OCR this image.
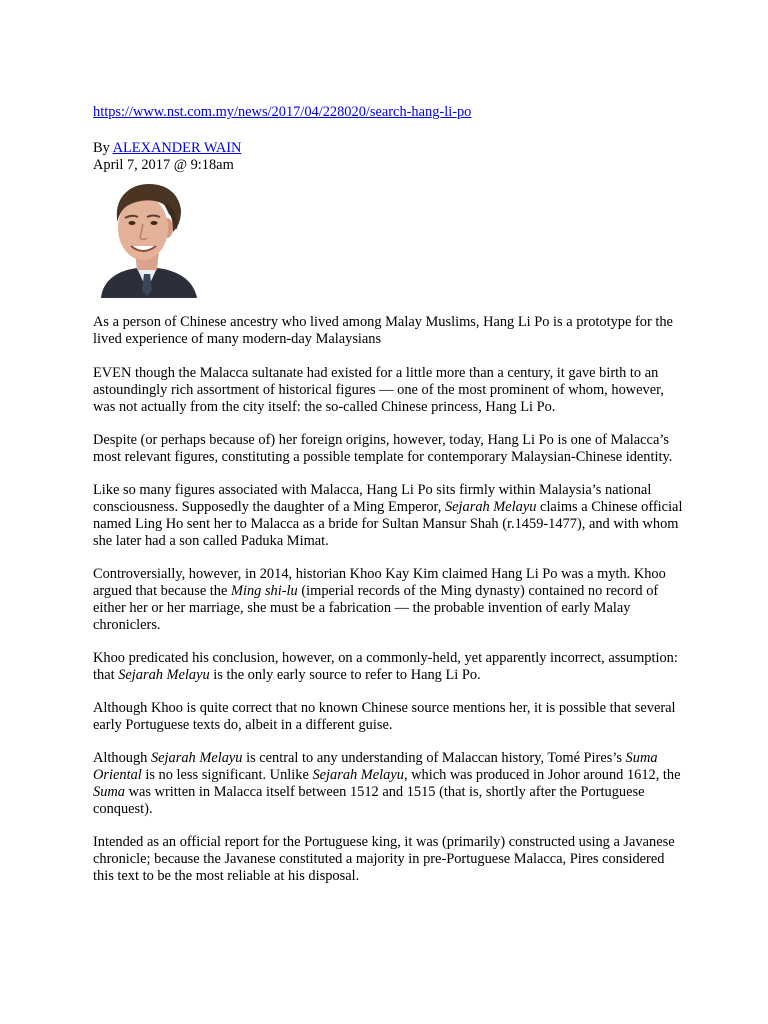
https://www.nst.com.my/news/2017/04/228020/search-hang-li-po
By ALEXANDER WAIN
April 7, 2017 @ 9:18am

As a person of Chinese ancestry who lived among Malay Muslims, Hang Li Po is a prototype for the lived experience of many modern-day Malaysians

EVEN though the Malacca sultanate had existed for a little more than a century, it gave birth to an astoundingly rich assortment of historical figures — one of the most prominent of whom, however, was not actually from the city itself: the so-called Chinese princess, Hang Li Po.

Despite (or perhaps because of) her foreign origins, however, today, Hang Li Po is one of Malacca’s most relevant figures, constituting a possible template for contemporary Malaysian-Chinese identity.

Like so many figures associated with Malacca, Hang Li Po sits firmly within Malaysia’s national consciousness. Supposedly the daughter of a Ming Emperor, Sejarah Melayu claims a Chinese official named Ling Ho sent her to Malacca as a bride for Sultan Mansur Shah (r.1459-1477), and with whom she later had a son called Paduka Mimat.

Controversially, however, in 2014, historian Khoo Kay Kim claimed Hang Li Po was a myth. Khoo argued that because the Ming shi-lu (imperial records of the Ming dynasty) contained no record of either her or her marriage, she must be a fabrication — the probable invention of early Malay chroniclers.

Khoo predicated his conclusion, however, on a commonly-held, yet apparently incorrect, assumption: that Sejarah Melayu is the only early source to refer to Hang Li Po.

Although Khoo is quite correct that no known Chinese source mentions her, it is possible that several early Portuguese texts do, albeit in a different guise.

Although Sejarah Melayu is central to any understanding of Malaccan history, Tomé Pires’s Suma Oriental is no less significant. Unlike Sejarah Melayu, which was produced in Johor around 1612, the Suma was written in Malacca itself between 1512 and 1515 (that is, shortly after the Portuguese conquest).

Intended as an official report for the Portuguese king, it was (primarily) constructed using a Javanese chronicle; because the Javanese constituted a majority in pre-Portuguese Malacca, Pires considered this text to be the most reliable at his disposal.
